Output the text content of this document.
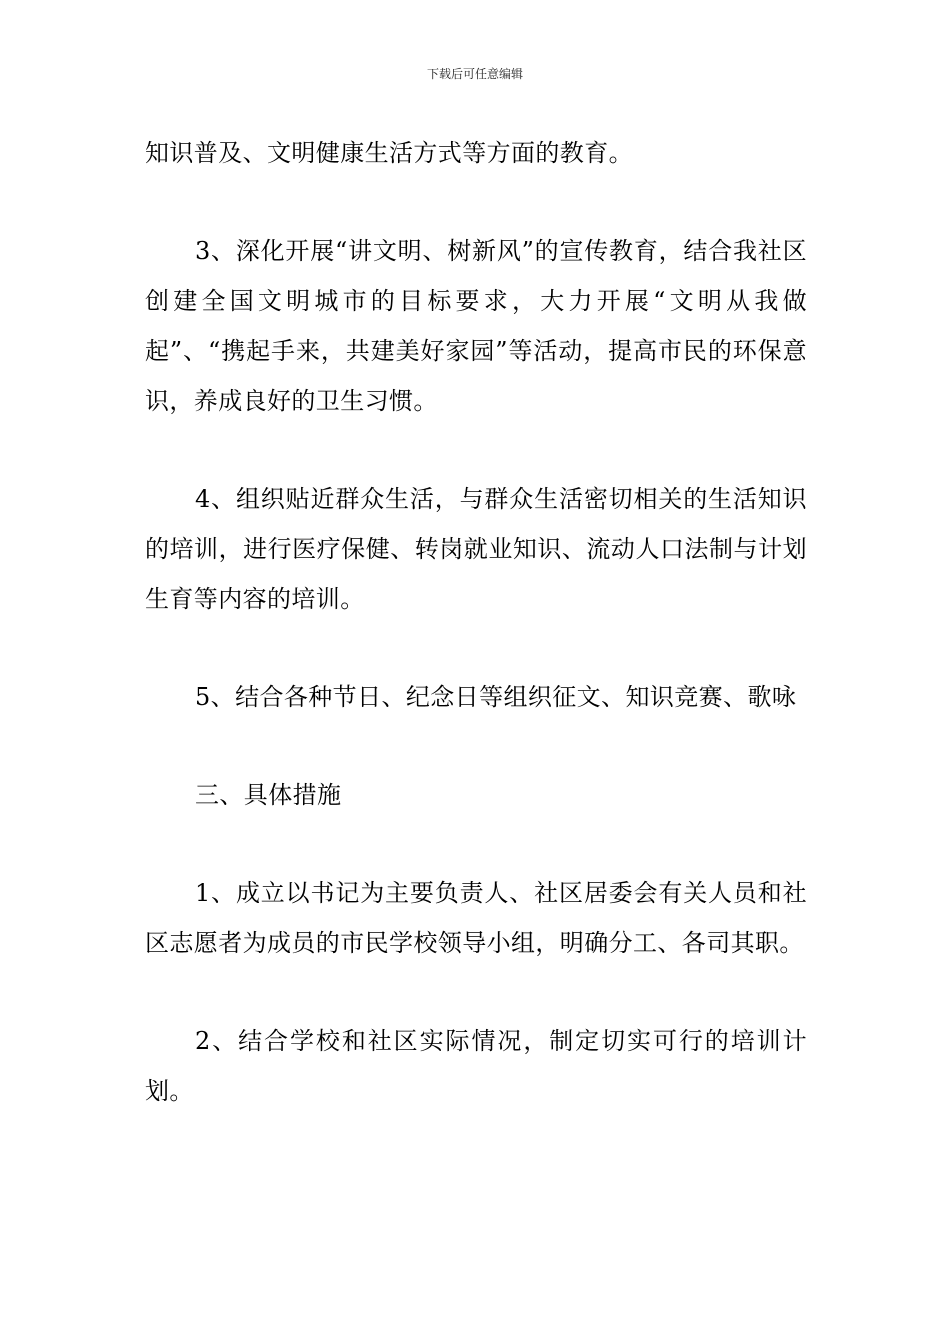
下载后可任意编辑

知识普及、文明健康生活方式等方面的教育。

3、深化开展“讲文明、树新风”的宣传教育，结合我社区创建全国文明城市的目标要求，大力开展“文明从我做起”、“携起手来，共建美好家园”等活动，提高市民的环保意识，养成良好的卫生习惯。

4、组织贴近群众生活，与群众生活密切相关的生活知识的培训，进行医疗保健、转岗就业知识、流动人口法制与计划生育等内容的培训。

5、结合各种节日、纪念日等组织征文、知识竞赛、歌咏

三、具体措施

1、成立以书记为主要负责人、社区居委会有关人员和社区志愿者为成员的市民学校领导小组，明确分工、各司其职。

2、结合学校和社区实际情况，制定切实可行的培训计划。
